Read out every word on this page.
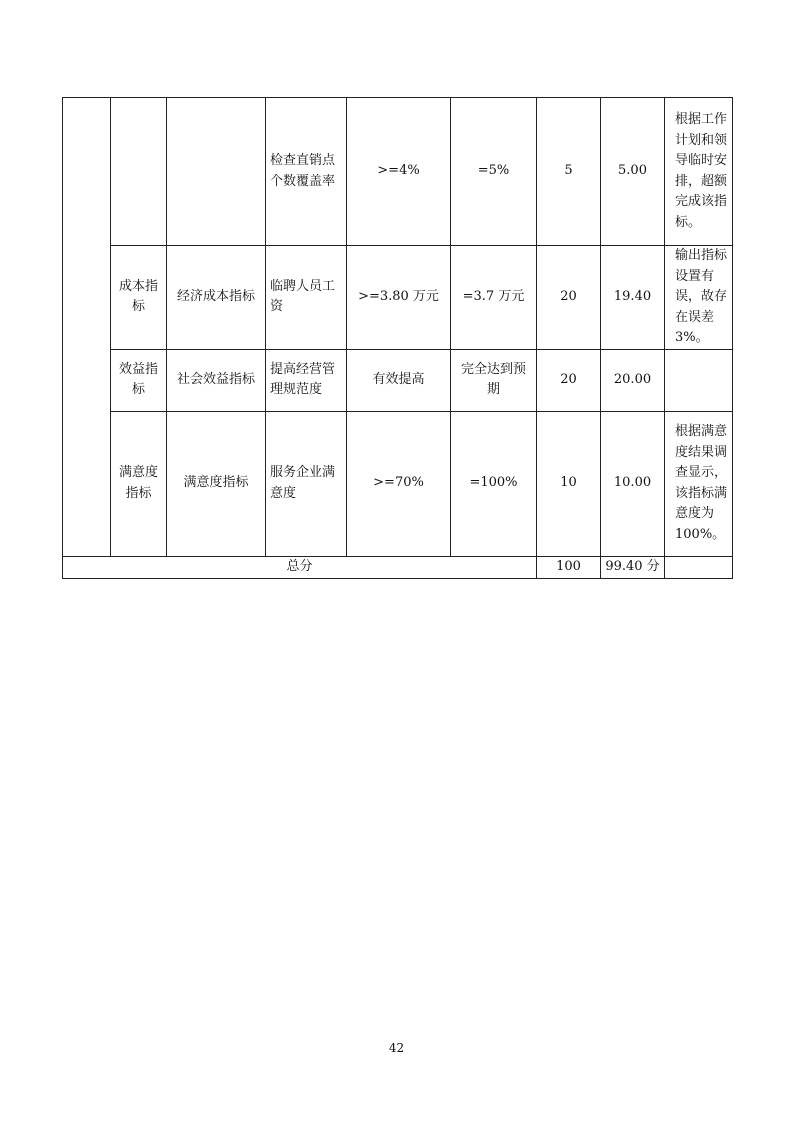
			检查直销点个数覆盖率	>=4%	=5%	5	5.00	根据工作计划和领导临时安排，超额完成该指标。
	成本指标	经济成本指标	临聘人员工资	>=3.80 万元	=3.7 万元	20	19.40	输出指标设置有误，故存在误差 3%。
	效益指标	社会效益指标	提高经营管理规范度	有效提高	完全达到预期	20	20.00	
	满意度指标	满意度指标	服务企业满意度	>=70%	=100%	10	10.00	根据满意度结果调查显示，该指标满意度为 100%。
总分						100	99.40 分	
42
